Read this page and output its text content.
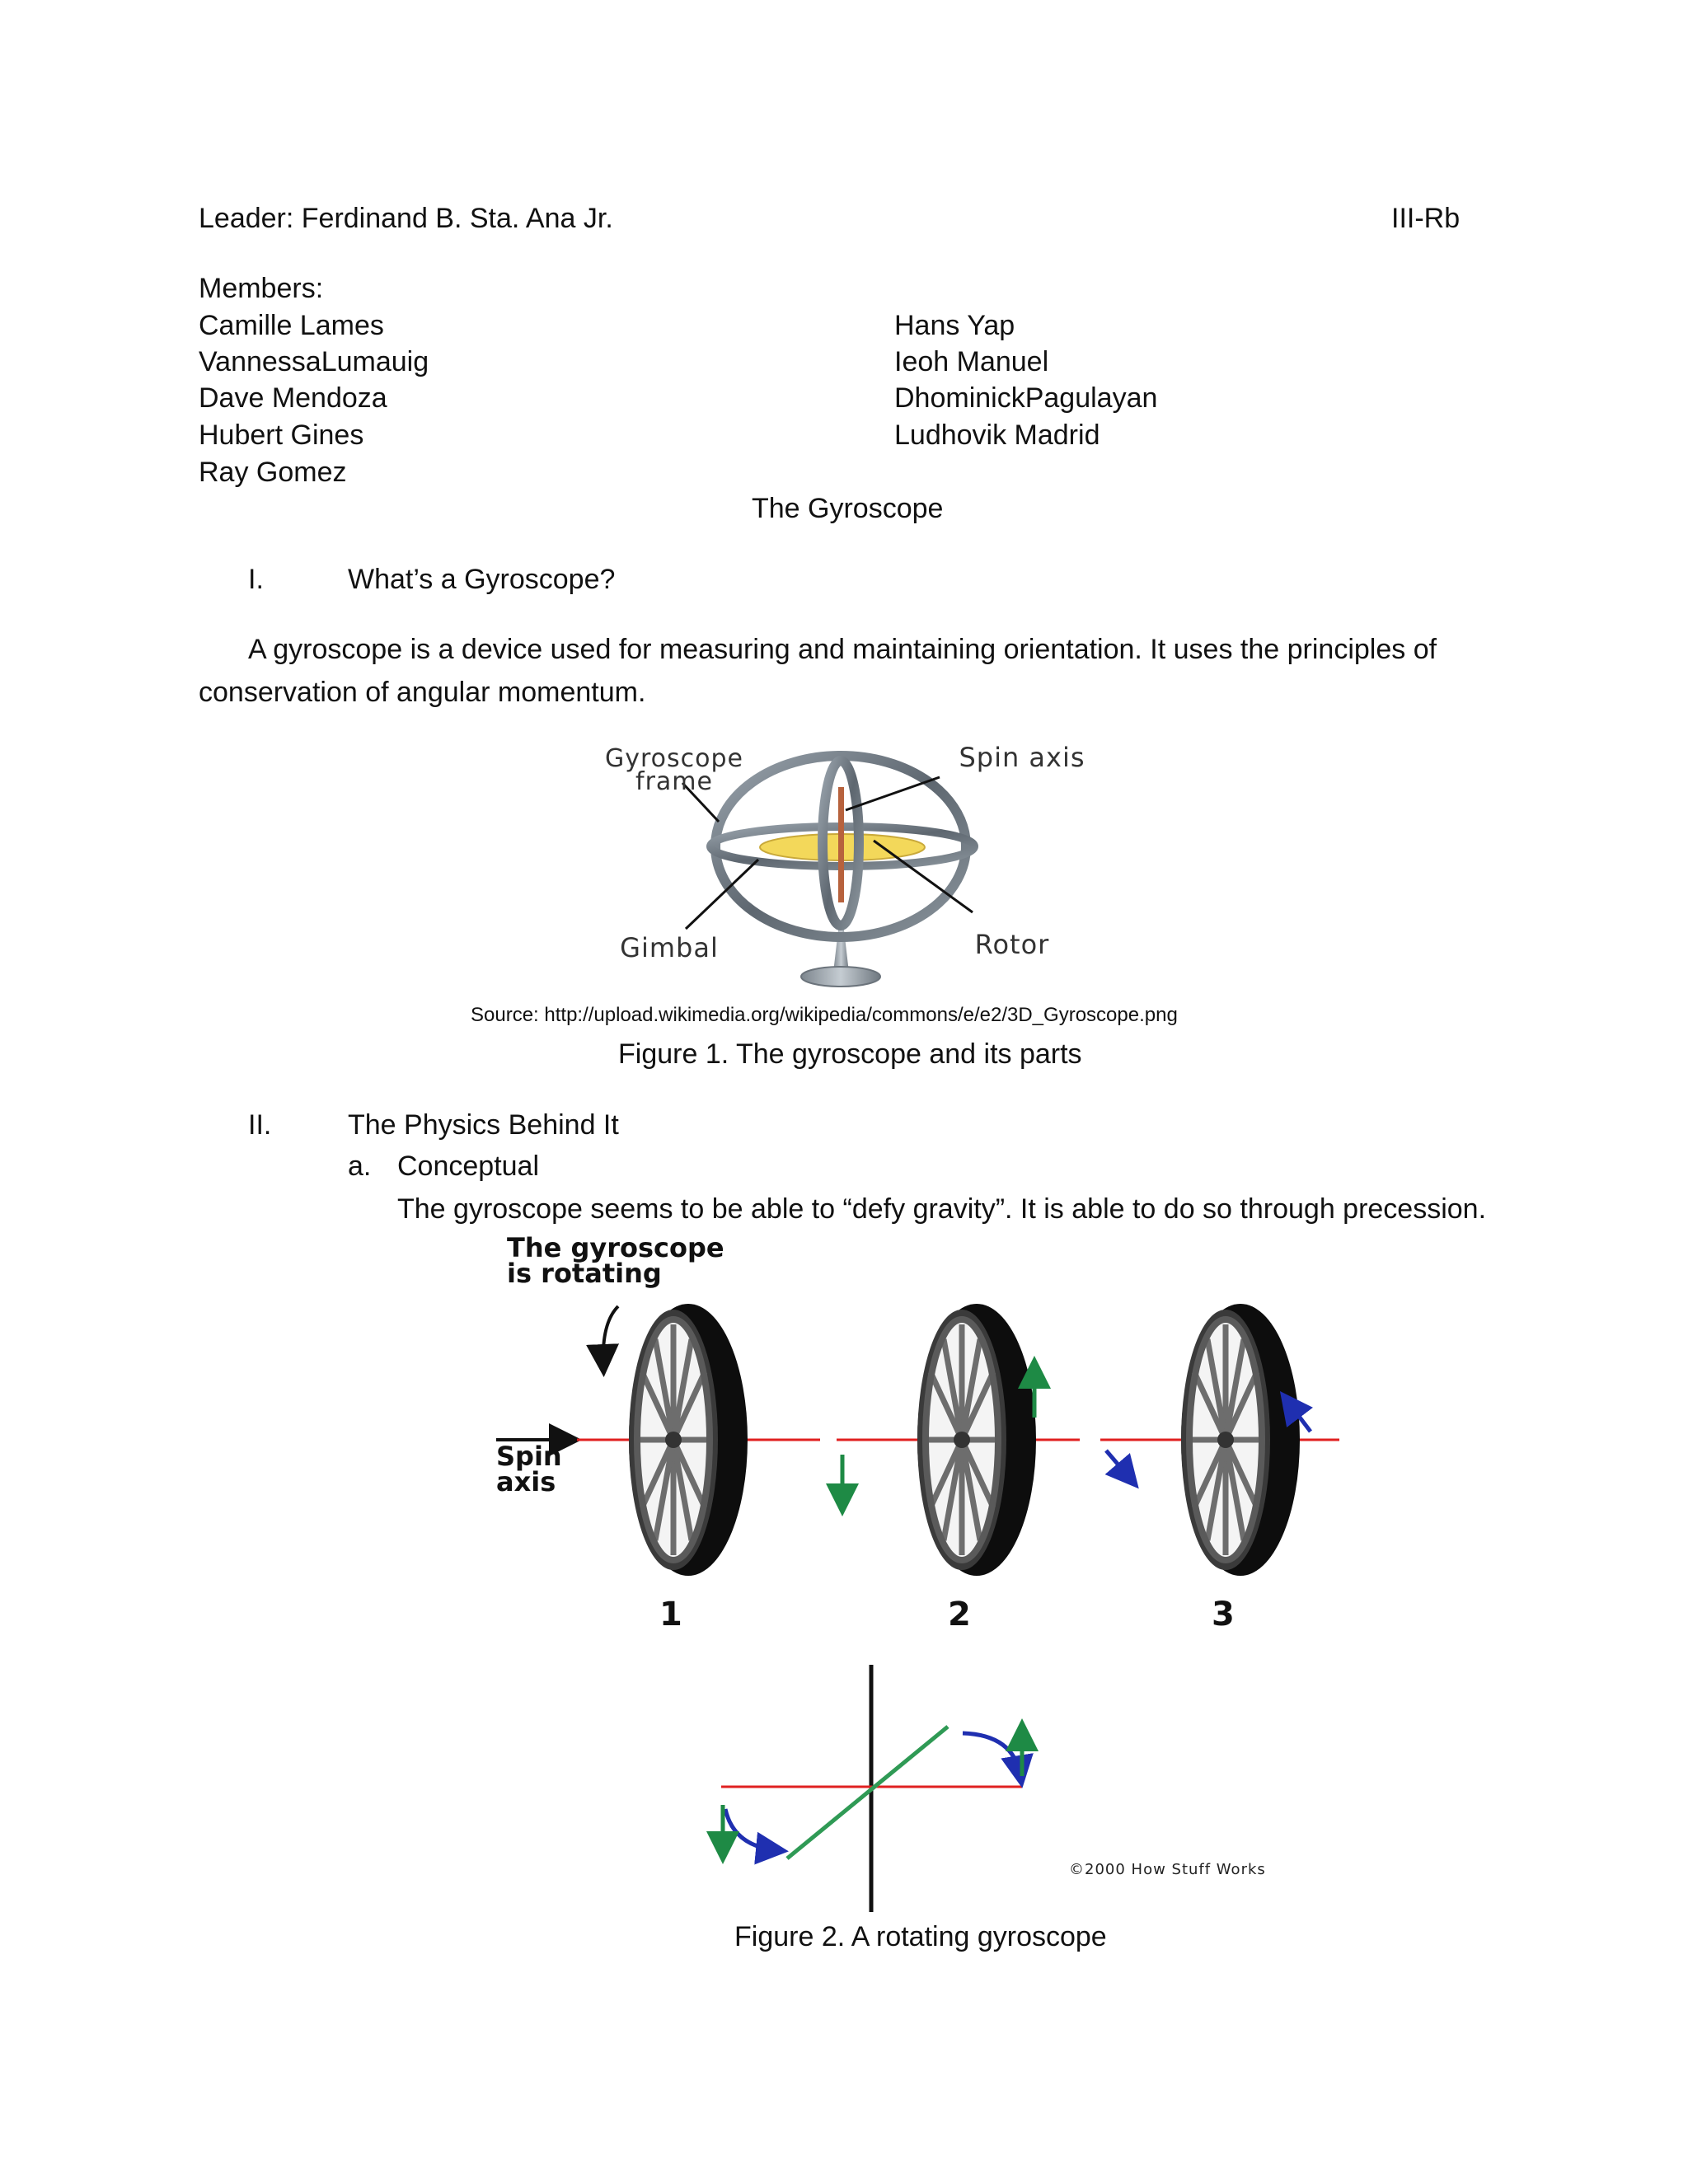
Leader: Ferdinand B. Sta. Ana Jr.	III-Rb
Members:
Camille Lames
VannessaLumauig
Dave Mendoza
Hubert Gines
Ray Gomez
Hans Yap
Ieoh Manuel
DhominickPagulayan
Ludhovik Madrid
The Gyroscope
I.	What’s a Gyroscope?
A gyroscope is a device used for measuring and maintaining orientation. It uses the principles of
conservation of angular momentum.
Gyroscope
frame
Spin axis
Gimbal	Rotor
Source: http://upload.wikimedia.org/wikipedia/commons/e/e2/3D_Gyroscope.png
Figure 1. The gyroscope and its parts
II.	The Physics Behind It
a. Conceptual
The gyroscope seems to be able to “defy gravity”. It is able to do so through precession.
The gyroscope
is rotating
Spin
axis
1	2	3
©2000 How Stuff Works
Figure 2. A rotating gyroscope
